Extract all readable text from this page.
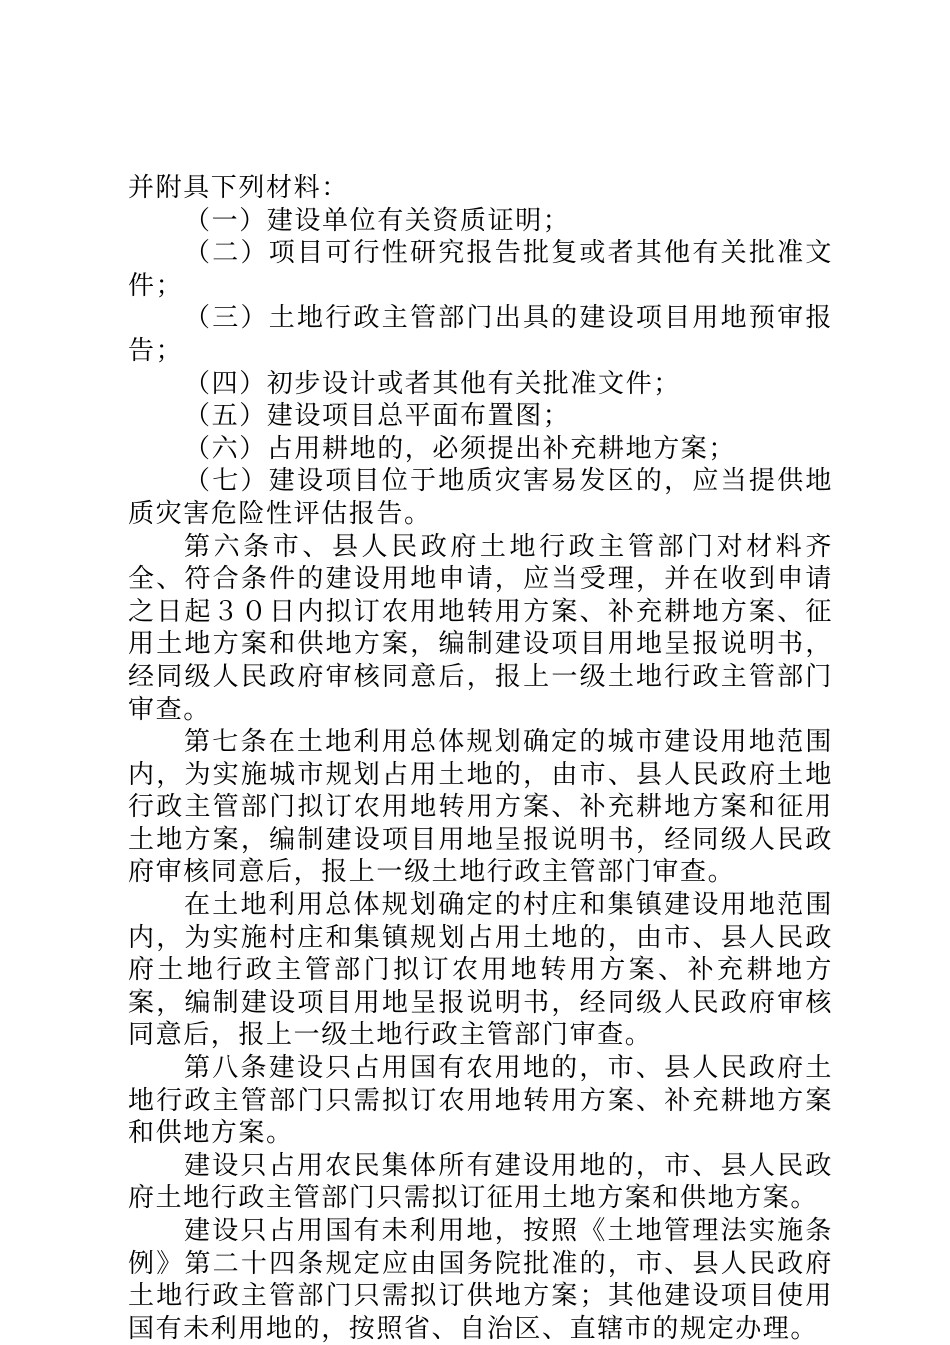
并附具下列材料：

（一）建设单位有关资质证明；

（二）项目可行性研究报告批复或者其他有关批准文件；

（三）土地行政主管部门出具的建设项目用地预审报告；

（四）初步设计或者其他有关批准文件；

（五）建设项目总平面布置图；

（六）占用耕地的，必须提出补充耕地方案；

（七）建设项目位于地质灾害易发区的，应当提供地质灾害危险性评估报告。

第六条市、县人民政府土地行政主管部门对材料齐全、符合条件的建设用地申请，应当受理，并在收到申请之日起３０日内拟订农用地转用方案、补充耕地方案、征用土地方案和供地方案，编制建设项目用地呈报说明书，经同级人民政府审核同意后，报上一级土地行政主管部门审查。

第七条在土地利用总体规划确定的城市建设用地范围内，为实施城市规划占用土地的，由市、县人民政府土地行政主管部门拟订农用地转用方案、补充耕地方案和征用土地方案，编制建设项目用地呈报说明书，经同级人民政府审核同意后，报上一级土地行政主管部门审查。

在土地利用总体规划确定的村庄和集镇建设用地范围内，为实施村庄和集镇规划占用土地的，由市、县人民政府土地行政主管部门拟订农用地转用方案、补充耕地方案，编制建设项目用地呈报说明书，经同级人民政府审核同意后，报上一级土地行政主管部门审查。

第八条建设只占用国有农用地的，市、县人民政府土地行政主管部门只需拟订农用地转用方案、补充耕地方案和供地方案。

建设只占用农民集体所有建设用地的，市、县人民政府土地行政主管部门只需拟订征用土地方案和供地方案。

建设只占用国有未利用地，按照《土地管理法实施条例》第二十四条规定应由国务院批准的，市、县人民政府土地行政主管部门只需拟订供地方案；其他建设项目使用国有未利用地的，按照省、自治区、直辖市的规定办理。
